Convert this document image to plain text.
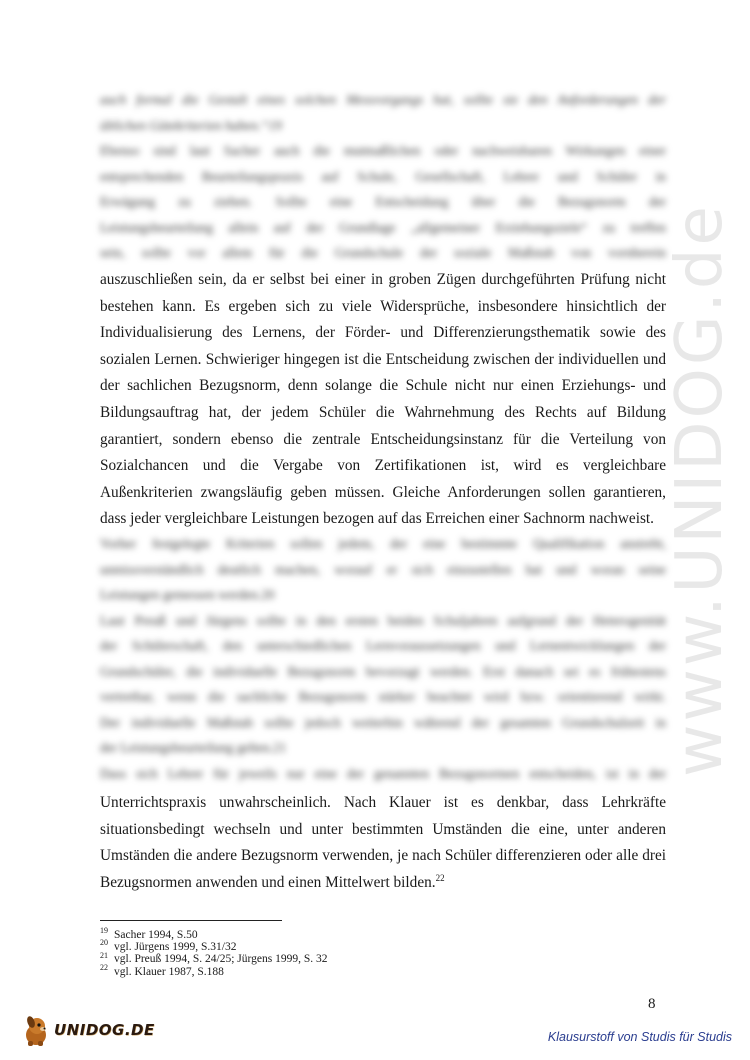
www.UNIDOG.de
auch formal die Gestalt eines solchen Messvorgangs hat, sollte sie den Anforderungen der
üblichen Gütekriterien haben.“19
Ebenso sind laut Sacher auch die mutmaßlichen oder nachweisbaren Wirkungen einer
entsprechenden Beurteilungspraxis auf Schule, Gesellschaft, Lehrer und Schüler in
Erwägung zu ziehen. Sollte eine Entscheidung über die Bezugsnorm der
Leistungsbeurteilung allein auf der Grundlage „allgemeiner Erziehungsziele“ zu treffen
sein, sollte vor allem für die Grundschule der soziale Maßstab von vornherein
auszuschließen sein, da er selbst bei einer in groben Zügen durchgeführten Prüfung nicht
bestehen kann. Es ergeben sich zu viele Widersprüche, insbesondere hinsichtlich der
Individualisierung des Lernens, der Förder- und Differenzierungsthematik sowie des
sozialen Lernen. Schwieriger hingegen ist die Entscheidung zwischen der individuellen und
der sachlichen Bezugsnorm, denn solange die Schule nicht nur einen Erziehungs- und
Bildungsauftrag hat, der jedem Schüler die Wahrnehmung des Rechts auf Bildung
garantiert, sondern ebenso die zentrale Entscheidungsinstanz für die Verteilung von
Sozialchancen und die Vergabe von Zertifikationen ist, wird es vergleichbare
Außenkriterien zwangsläufig geben müssen. Gleiche Anforderungen sollen garantieren,
dass jeder vergleichbare Leistungen bezogen auf das Erreichen einer Sachnorm nachweist.
Vorher festgelegte Kriterien sollen jedem, der eine bestimmte Qualifikation anstrebt,
unmissverständlich deutlich machen, worauf er sich einzustellen hat und woran seine
Leistungen gemessen werden.20
Laut Preuß und Jürgens sollte in den ersten beiden Schuljahren aufgrund der Heterogenität
der Schülerschaft, den unterschiedlichen Lernvoraussetzungen und Lernentwicklungen der
Grundschüler, die individuelle Bezugsnorm bevorzugt werden. Erst danach sei es frühestens
vertretbar, wenn die sachliche Bezugsnorm stärker beachtet wird bzw. orientierend wirkt.
Der individuelle Maßstab sollte jedoch weiterhin während der gesamten Grundschulzeit in
der Leistungsbeurteilung gelten.21
Dass sich Lehrer für jeweils nur eine der genannten Bezugsnormen entscheiden, ist in der
Unterrichtspraxis unwahrscheinlich. Nach Klauer ist es denkbar, dass Lehrkräfte
situationsbedingt wechseln und unter bestimmten Umständen die eine, unter anderen
Umständen die andere Bezugsnorm verwenden, je nach Schüler differenzieren oder alle drei
Bezugsnormen anwenden und einen Mittelwert bilden.$^{22}$
19 Sacher 1994, S.50
20 vgl. Jürgens 1999, S.31/32
21 vgl. Preuß 1994, S. 24/25; Jürgens 1999, S. 32
22 vgl. Klauer 1987, S.188
8
UNIDOG.DE	Klausurstoff von Studis für Studis
